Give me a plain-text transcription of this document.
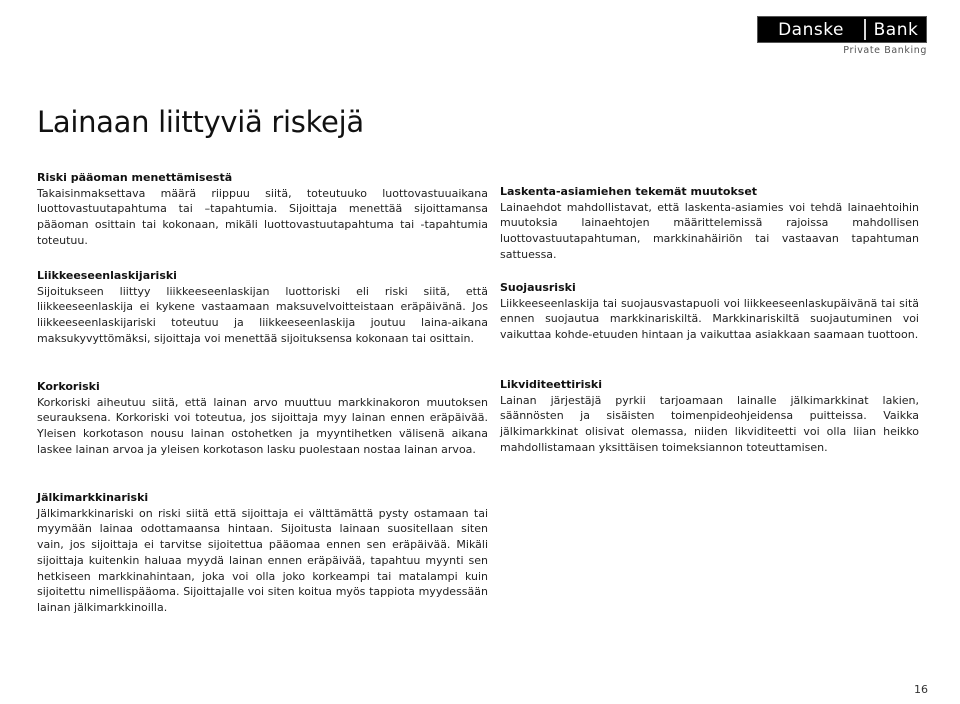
Danske	Bank
Private Banking
Lainaan liittyviä riskejä
Riski pääoman menettämisestä

Takaisinmaksettava määrä riippuu siitä, toteutuuko luottovastuuaikana luottovastuutapahtuma tai –tapahtumia. Sijoittaja menettää sijoittamansa pääoman osittain tai kokonaan, mikäli luottovastuutapahtuma tai -tapahtumia toteutuu.

Liikkeeseenlaskijariski

Sijoitukseen liittyy liikkeeseenlaskijan luottoriski eli riski siitä, että liikkeeseenlaskija ei kykene vastaamaan maksuvelvoitteistaan eräpäivänä. Jos liikkeeseenlaskijariski toteutuu ja liikkeeseenlaskija joutuu laina-aikana maksukyvyttömäksi, sijoittaja voi menettää sijoituksensa kokonaan tai osittain.

Korkoriski

Korkoriski aiheutuu siitä, että lainan arvo muuttuu markkinakoron muutoksen seurauksena. Korkoriski voi toteutua, jos sijoittaja myy lainan ennen eräpäivää. Yleisen korkotason nousu lainan ostohetken ja myyntihetken välisenä aikana laskee lainan arvoa ja yleisen korkotason lasku puolestaan nostaa lainan arvoa.

Jälkimarkkinariski

Jälkimarkkinariski on riski siitä että sijoittaja ei välttämättä pysty ostamaan tai myymään lainaa odottamaansa hintaan. Sijoitusta lainaan suositellaan siten vain, jos sijoittaja ei tarvitse sijoitettua pääomaa ennen sen eräpäivää. Mikäli sijoittaja kuitenkin haluaa myydä lainan ennen eräpäivää, tapahtuu myynti sen hetkiseen markkinahintaan, joka voi olla joko korkeampi tai matalampi kuin sijoitettu nimellispääoma. Sijoittajalle voi siten koitua myös tappiota myydessään lainan jälkimarkkinoilla.

Laskenta-asiamiehen tekemät muutokset

Lainaehdot mahdollistavat, että laskenta-asiamies voi tehdä lainaehtoihin muutoksia lainaehtojen määrittelemissä rajoissa mahdollisen luottovastuutapahtuman, markkinahäiriön tai vastaavan tapahtuman sattuessa.

Suojausriski

Liikkeeseenlaskija tai suojausvastapuoli voi liikkeeseenlaskupäivänä tai sitä ennen suojautua markkinariskiltä. Markkinariskiltä suojautuminen voi vaikuttaa kohde-etuuden hintaan ja vaikuttaa asiakkaan saamaan tuottoon.

Likviditeettiriski

Lainan järjestäjä pyrkii tarjoamaan lainalle jälkimarkkinat lakien, säännösten ja sisäisten toimenpideohjeidensa puitteissa. Vaikka jälkimarkkinat olisivat olemassa, niiden likviditeetti voi olla liian heikko mahdollistamaan yksittäisen toimeksiannon toteuttamisen.

16
